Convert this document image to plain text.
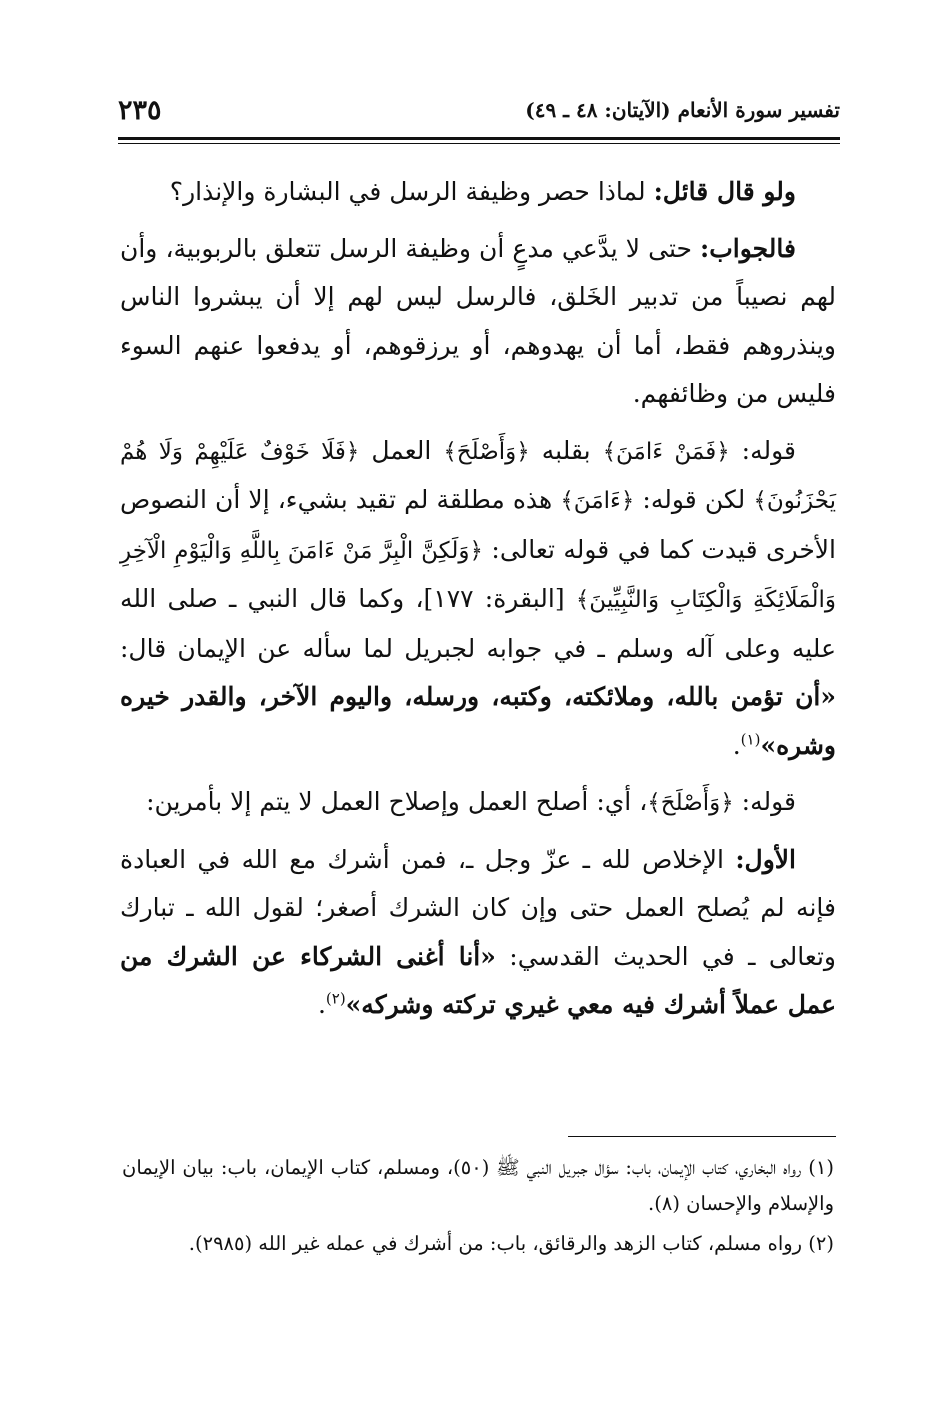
تفسير سورة الأنعام (الآيتان: ٤٨ ـ ٤٩)
٢٣٥

ولو قال قائل: لماذا حصر وظيفة الرسل في البشارة والإنذار؟

فالجواب: حتى لا يدَّعي مدعٍ أن وظيفة الرسل تتعلق بالربوبية، وأن لهم نصيباً من تدبير الخَلق، فالرسل ليس لهم إلا أن يبشروا الناس وينذروهم فقط، أما أن يهدوهم، أو يرزقوهم، أو يدفعوا عنهم السوء فليس من وظائفهم.

قوله: ﴿فَمَنْ ءَامَنَ﴾ بقلبه ﴿وَأَصْلَحَ﴾ العمل ﴿فَلَا خَوْفٌ عَلَيْهِمْ وَلَا هُمْ يَحْزَنُونَ﴾ لكن قوله: ﴿ءَامَنَ﴾ هذه مطلقة لم تقيد بشيء، إلا أن النصوص الأخرى قيدت كما في قوله تعالى: ﴿وَلَكِنَّ الْبِرَّ مَنْ ءَامَنَ بِاللَّهِ وَالْيَوْمِ الْآخِرِ وَالْمَلَائِكَةِ وَالْكِتَابِ وَالنَّبِيِّينَ﴾ [البقرة: ١٧٧]، وكما قال النبي ـ صلى الله عليه وعلى آله وسلم ـ في جوابه لجبريل لما سأله عن الإيمان قال: «أن تؤمن بالله، وملائكته، وكتبه، ورسله، واليوم الآخر، والقدر خيره وشره»$^{(١)}$.

قوله: ﴿وَأَصْلَحَ﴾، أي: أصلح العمل وإصلاح العمل لا يتم إلا بأمرين:

الأول: الإخلاص لله ـ عزّ وجل ـ، فمن أشرك مع الله في العبادة فإنه لم يُصلح العمل حتى وإن كان الشرك أصغر؛ لقول الله ـ تبارك وتعالى ـ في الحديث القدسي: «أنا أغنى الشركاء عن الشرك من عمل عملاً أشرك فيه معي غيري تركته وشركه»$^{(٢)}$.

(١) رواه البخاري، كتاب الإيمان، باب: سؤال جبريل النبي ﷺ (٥٠)، ومسلم، كتاب الإيمان، باب: بيان الإيمان والإسلام والإحسان (٨).

(٢) رواه مسلم، كتاب الزهد والرقائق، باب: من أشرك في عمله غير الله (٢٩٨٥).
